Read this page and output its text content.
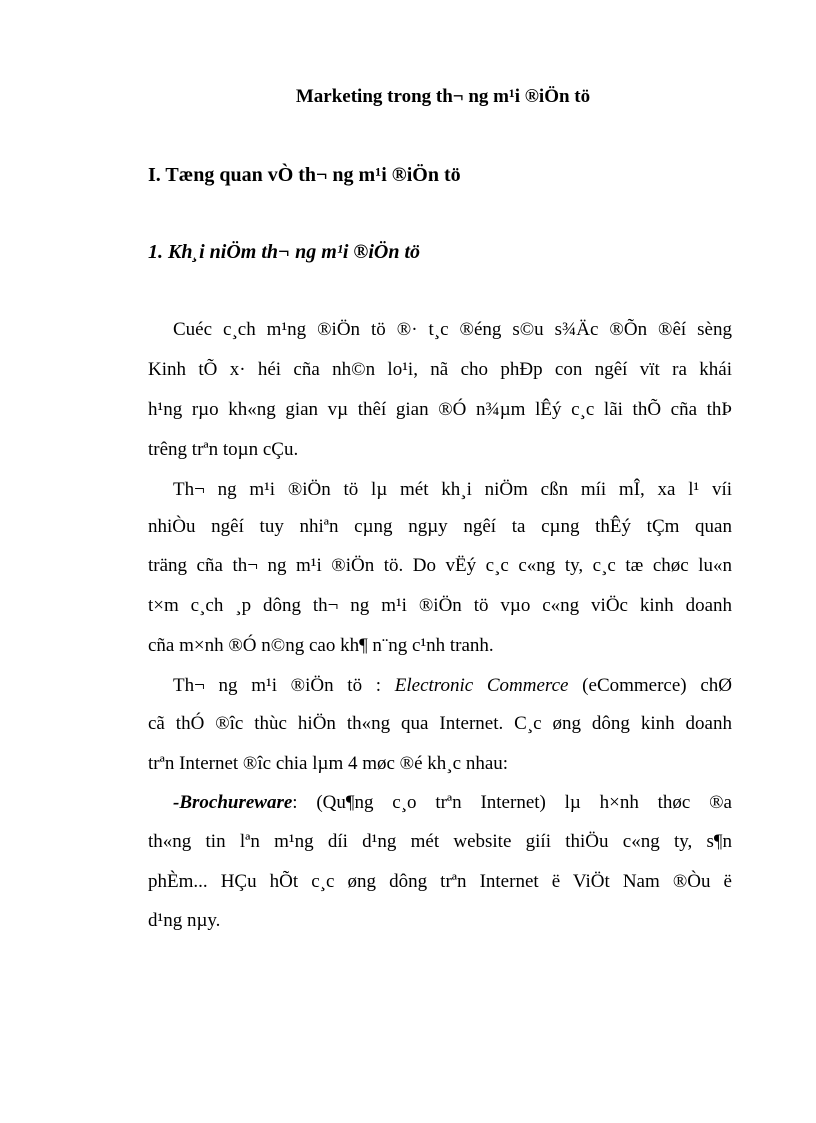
Marketing trong th¬ ng m¹i ®iÖn tö
I. Tæng quan vÒ th¬ ng m¹i ®iÖn tö
1. Kh¸i niÖm th¬ ng m¹i ®iÖn tö
Cuéc c¸ch m¹ng ®iÖn tö ®· t¸c ®éng s©u s¾Äc ®Õn ®êí sèng
Kinh tÕ x· héi cña nh©n lo¹i, nã cho phÐp con ngêí vït ra khái
h¹ng rµo kh«ng gian vµ thêí gian ®Ó n¾µm lÊý c¸c lãi thÕ cña thÞ
trêng trªn toµn cÇu.
Th¬ ng m¹i ®iÖn tö lµ mét kh¸i niÖm cßn míi mÎ, xa l¹ víi
nhiÒu ngêí tuy nhiªn cµng ngµy ngêí ta cµng thÊý tÇm quan
träng cña th¬ ng m¹i ®iÖn tö. Do vËý c¸c c«ng ty, c¸c tæ chøc lu«n
t×m c¸ch ¸p dông th¬ ng m¹i ®iÖn tö vµo c«ng viÖc kinh doanh
cña m×nh ®Ó n©ng cao kh¶ n¨ng c¹nh tranh.
Th¬ ng m¹i ®iÖn tö : Electronic Commerce (eCommerce) chØ
cã thÓ ®îc thùc hiÖn th«ng qua Internet. C¸c øng dông kinh doanh
trªn Internet ®îc chia lµm 4 møc ®é kh¸c nhau:
-Brochureware: (Qu¶ng c¸o trªn Internet) lµ h×nh thøc ®a
th«ng tin lªn m¹ng díi d¹ng mét website giíi thiÖu c«ng ty, s¶n
phÈm... HÇu hÕt c¸c øng dông trªn Internet ë ViÖt Nam ®Òu ë
d¹ng nµy.
